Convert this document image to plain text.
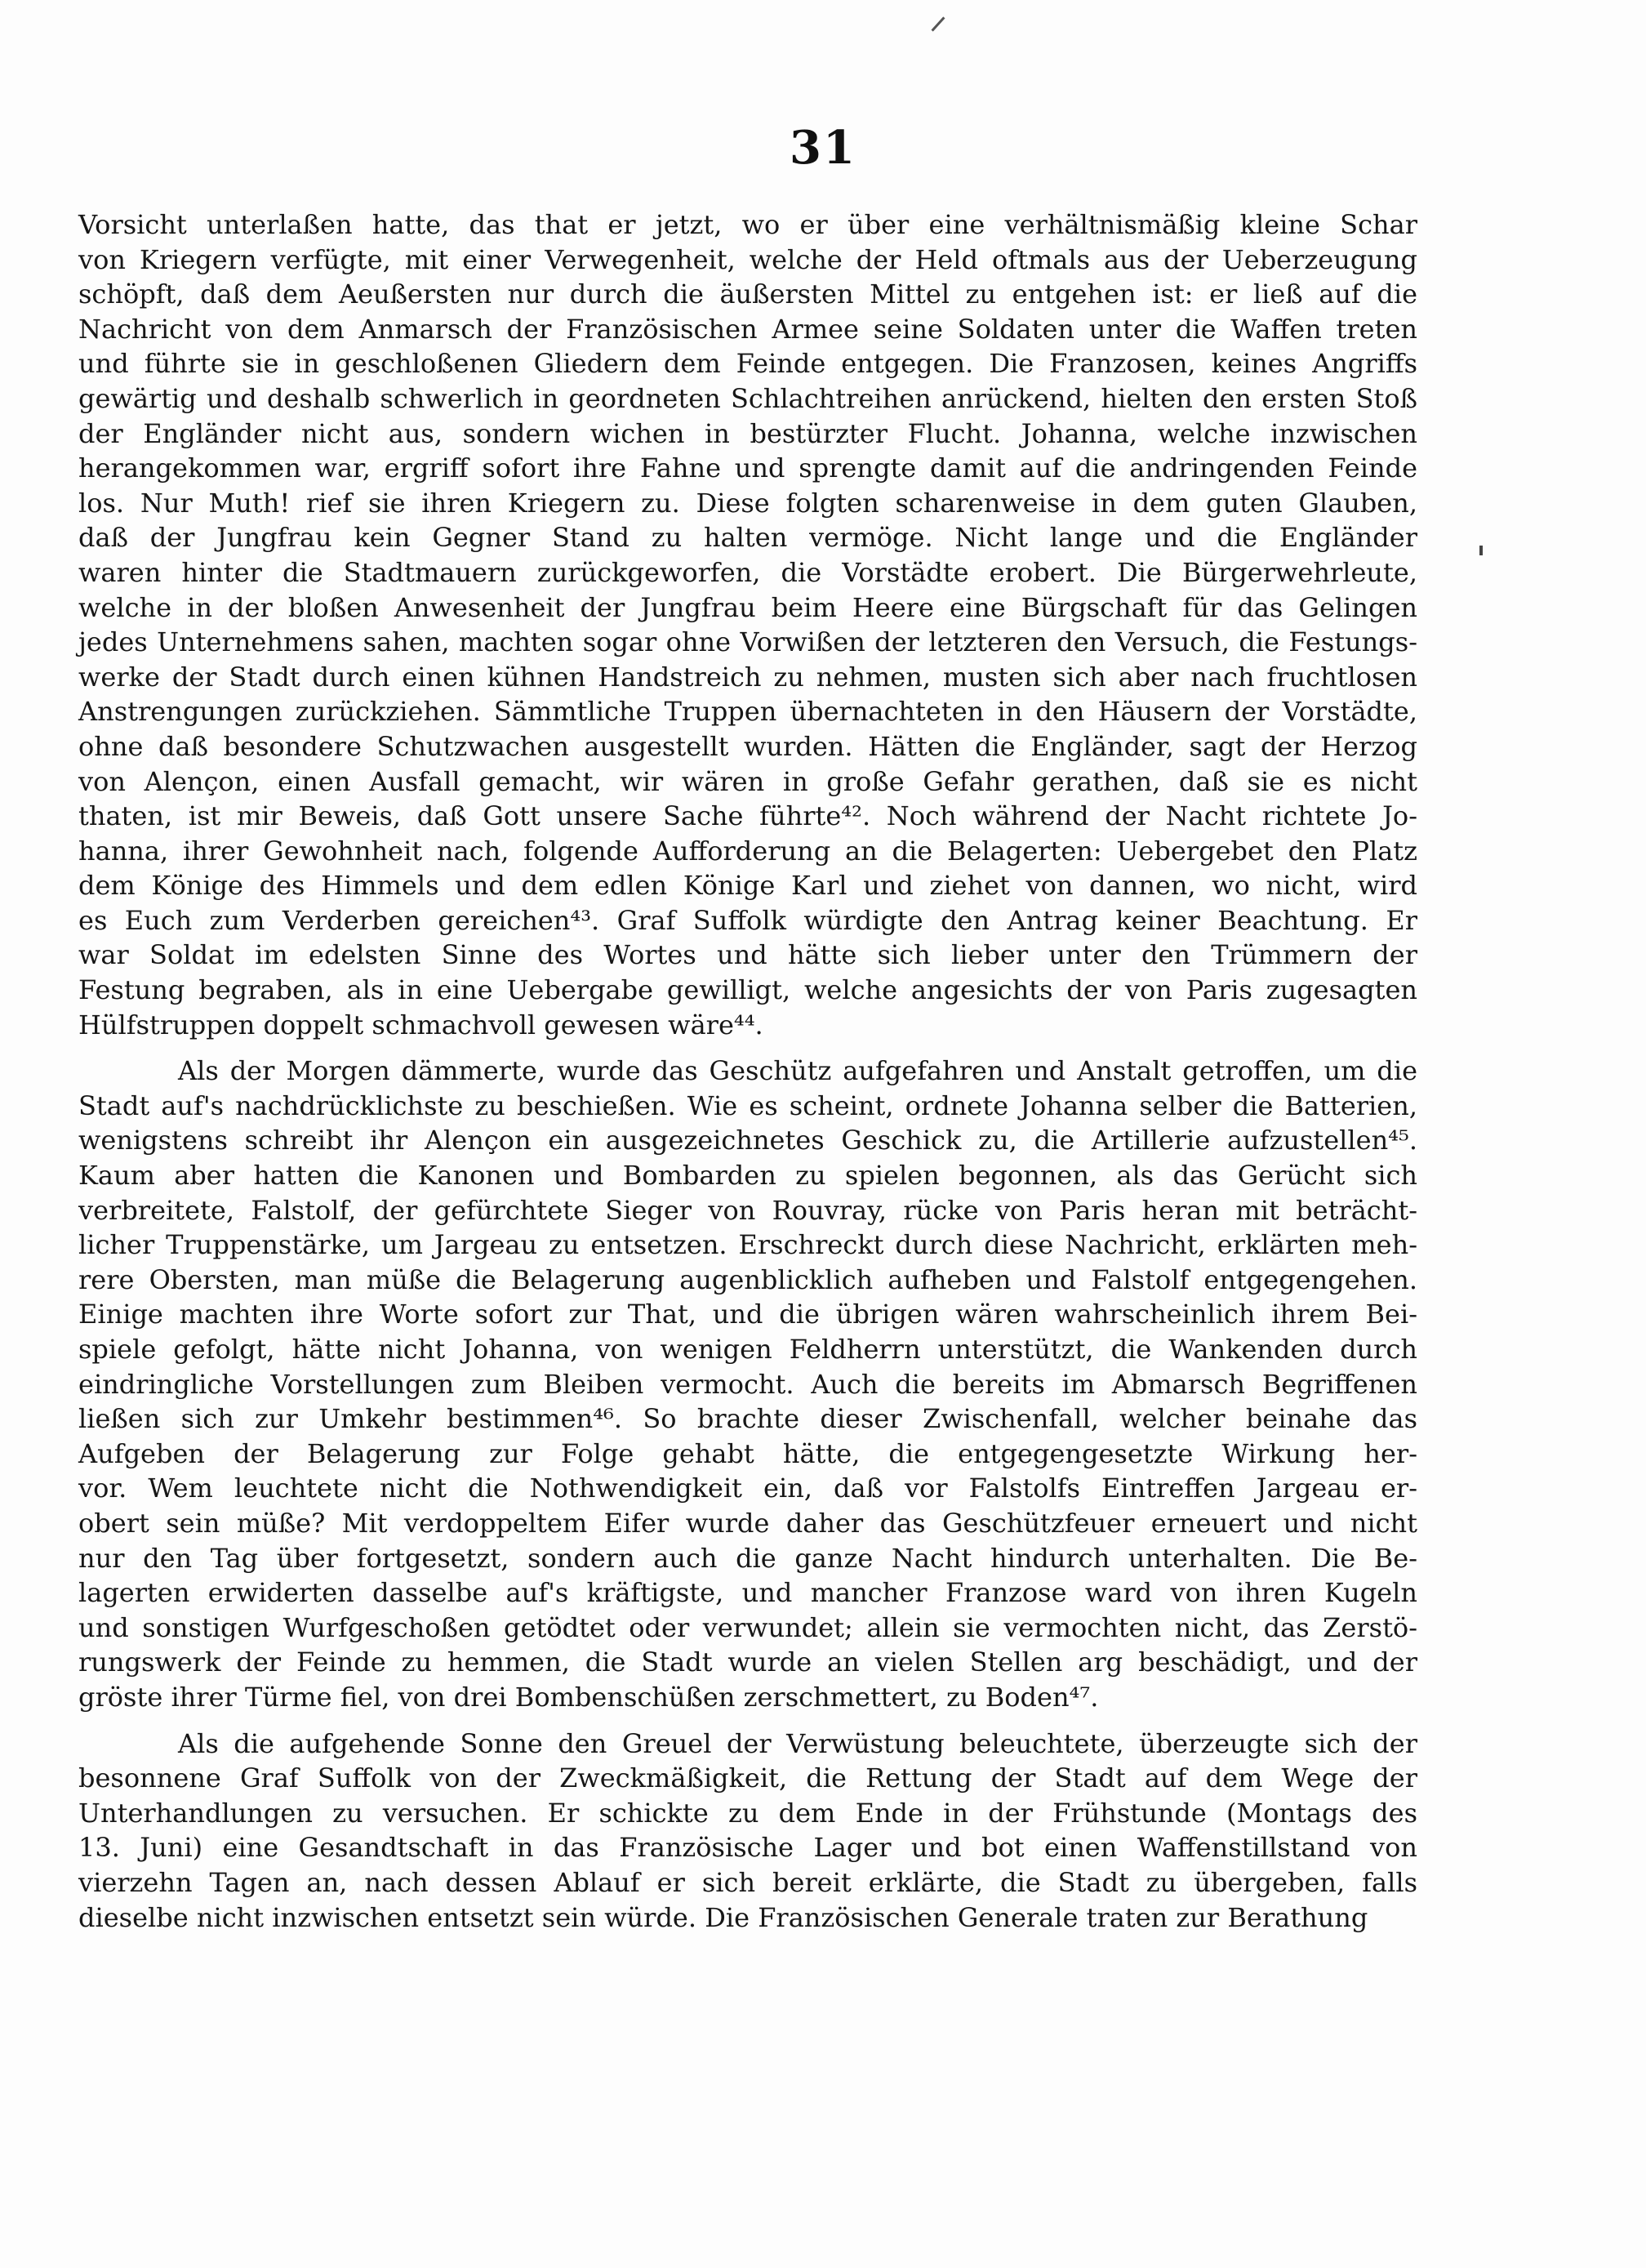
31
Vorsicht unterlaßen hatte, das that er jetzt, wo er über eine verhältnismäßig kleine Schar
von Kriegern verfügte, mit einer Verwegenheit, welche der Held oftmals aus der Ueberzeugung
schöpft, daß dem Aeußersten nur durch die äußersten Mittel zu entgehen ist: er ließ auf die
Nachricht von dem Anmarsch der Französischen Armee seine Soldaten unter die Waffen treten
und führte sie in geschloßenen Gliedern dem Feinde entgegen. Die Franzosen, keines Angriffs
gewärtig und deshalb schwerlich in geordneten Schlachtreihen anrückend, hielten den ersten Stoß
der Engländer nicht aus, sondern wichen in bestürzter Flucht. Johanna, welche inzwischen
herangekommen war, ergriff sofort ihre Fahne und sprengte damit auf die andringenden Feinde
los. Nur Muth! rief sie ihren Kriegern zu. Diese folgten scharenweise in dem guten Glauben,
daß der Jungfrau kein Gegner Stand zu halten vermöge. Nicht lange und die Engländer
waren hinter die Stadtmauern zurückgeworfen, die Vorstädte erobert. Die Bürgerwehrleute,
welche in der bloßen Anwesenheit der Jungfrau beim Heere eine Bürgschaft für das Gelingen
jedes Unternehmens sahen, machten sogar ohne Vorwißen der letzteren den Versuch, die Festungs-
werke der Stadt durch einen kühnen Handstreich zu nehmen, musten sich aber nach fruchtlosen
Anstrengungen zurückziehen. Sämmtliche Truppen übernachteten in den Häusern der Vorstädte,
ohne daß besondere Schutzwachen ausgestellt wurden. Hätten die Engländer, sagt der Herzog
von Alençon, einen Ausfall gemacht, wir wären in große Gefahr gerathen, daß sie es nicht
thaten, ist mir Beweis, daß Gott unsere Sache führte⁴². Noch während der Nacht richtete Jo-
hanna, ihrer Gewohnheit nach, folgende Aufforderung an die Belagerten: Uebergebet den Platz
dem Könige des Himmels und dem edlen Könige Karl und ziehet von dannen, wo nicht, wird
es Euch zum Verderben gereichen⁴³. Graf Suffolk würdigte den Antrag keiner Beachtung. Er
war Soldat im edelsten Sinne des Wortes und hätte sich lieber unter den Trümmern der
Festung begraben, als in eine Uebergabe gewilligt, welche angesichts der von Paris zugesagten
Hülfstruppen doppelt schmachvoll gewesen wäre⁴⁴.
Als der Morgen dämmerte, wurde das Geschütz aufgefahren und Anstalt getroffen, um die
Stadt auf's nachdrücklichste zu beschießen. Wie es scheint, ordnete Johanna selber die Batterien,
wenigstens schreibt ihr Alençon ein ausgezeichnetes Geschick zu, die Artillerie aufzustellen⁴⁵.
Kaum aber hatten die Kanonen und Bombarden zu spielen begonnen, als das Gerücht sich
verbreitete, Falstolf, der gefürchtete Sieger von Rouvray, rücke von Paris heran mit beträcht-
licher Truppenstärke, um Jargeau zu entsetzen. Erschreckt durch diese Nachricht, erklärten meh-
rere Obersten, man müße die Belagerung augenblicklich aufheben und Falstolf entgegengehen.
Einige machten ihre Worte sofort zur That, und die übrigen wären wahrscheinlich ihrem Bei-
spiele gefolgt, hätte nicht Johanna, von wenigen Feldherrn unterstützt, die Wankenden durch
eindringliche Vorstellungen zum Bleiben vermocht. Auch die bereits im Abmarsch Begriffenen
ließen sich zur Umkehr bestimmen⁴⁶. So brachte dieser Zwischenfall, welcher beinahe das
Aufgeben der Belagerung zur Folge gehabt hätte, die entgegengesetzte Wirkung her-
vor. Wem leuchtete nicht die Nothwendigkeit ein, daß vor Falstolfs Eintreffen Jargeau er-
obert sein müße? Mit verdoppeltem Eifer wurde daher das Geschützfeuer erneuert und nicht
nur den Tag über fortgesetzt, sondern auch die ganze Nacht hindurch unterhalten. Die Be-
lagerten erwiderten dasselbe auf's kräftigste, und mancher Franzose ward von ihren Kugeln
und sonstigen Wurfgeschoßen getödtet oder verwundet; allein sie vermochten nicht, das Zerstö-
rungswerk der Feinde zu hemmen, die Stadt wurde an vielen Stellen arg beschädigt, und der
gröste ihrer Türme fiel, von drei Bombenschüßen zerschmettert, zu Boden⁴⁷.
Als die aufgehende Sonne den Greuel der Verwüstung beleuchtete, überzeugte sich der
besonnene Graf Suffolk von der Zweckmäßigkeit, die Rettung der Stadt auf dem Wege der
Unterhandlungen zu versuchen. Er schickte zu dem Ende in der Frühstunde (Montags des
13. Juni) eine Gesandtschaft in das Französische Lager und bot einen Waffenstillstand von
vierzehn Tagen an, nach dessen Ablauf er sich bereit erklärte, die Stadt zu übergeben, falls
dieselbe nicht inzwischen entsetzt sein würde. Die Französischen Generale traten zur Berathung
